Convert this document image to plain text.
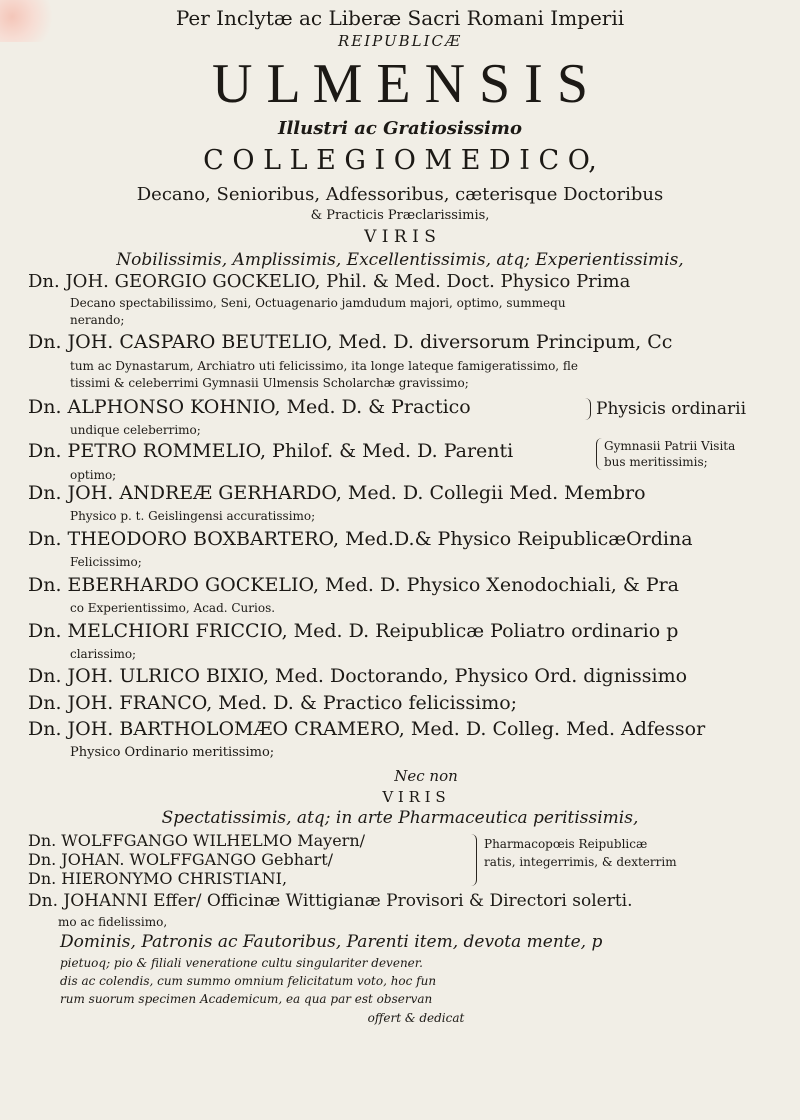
Per Inclytæ ac Liberæ Sacri Romani Imperii
REIPUBLICÆ
U L M E N S I S
Illustri ac Gratiosissimo
C O L L E G I O M E D I C O,
Decano, Senioribus, Adfessoribus, cæterisque Doctoribus
& Practicis Præclarissimis,
V I R I S
Nobilissimis, Amplissimis, Excellentissimis, atq; Experientissimis,
Dn. JOH. GEORGIO GOCKELIO, Phil. & Med. Doct. Physico Prima
Decano spectabilissimo, Seni, Octuagenario jamdudum majori, optimo, summequ
nerando;
Dn. JOH. CASPARO BEUTELIO, Med. D. diversorum Principum, Cc
tum ac Dynastarum, Archiatro uti felicissimo, ita longe lateque famigeratissimo, fle
tissimi & celeberrimi Gymnasii Ulmensis Scholarchæ gravissimo;
Dn. ALPHONSO KOHNIO, Med. D. & Practico	Physicis ordinarii
undique celeberrimo;
Dn. PETRO ROMMELIO, Philof. & Med. D. Parenti	Gymnasii Patrii Visita
bus meritissimis;
optimo;
Dn. JOH. ANDREÆ GERHARDO, Med. D. Collegii Med. Membro
Physico p. t. Geislingensi accuratissimo;
Dn. THEODORO BOXBARTERO, Med.D.& Physico ReipublicæOrdina
Felicissimo;
Dn. EBERHARDO GOCKELIO, Med. D. Physico Xenodochiali, & Pra
co Experientissimo, Acad. Curios.
Dn. MELCHIORI FRICCIO, Med. D. Reipublicæ Poliatro ordinario p
clarissimo;
Dn. JOH. ULRICO BIXIO, Med. Doctorando, Physico Ord. dignissimo
Dn. JOH. FRANCO, Med. D. & Practico felicissimo;
Dn. JOH. BARTHOLOMÆO CRAMERO, Med. D. Colleg. Med. Adfessor
Physico Ordinario meritissimo;
Nec non
V I R I S
Spectatissimis, atq; in arte Pharmaceutica peritissimis,
Dn. WOLFFGANGO WILHELMO Mayern/
Dn. JOHAN. WOLFFGANGO Gebhart/
Dn. HIERONYMO CHRISTIANI,
Pharmacopœis Reipublicæ
ratis, integerrimis, & dexterrim
Dn. JOHANNI Effer/ Officinæ Wittigianæ Provisori & Directori solerti.
mo ac fidelissimo,
Dominis, Patronis ac Fautoribus, Parenti item, devota mente, p
pietuoq; pio & filiali veneratione cultu singulariter devener.
dis ac colendis, cum summo omnium felicitatum voto, hoc fun
rum suorum specimen Academicum, ea qua par est observan
offert & dedicat
